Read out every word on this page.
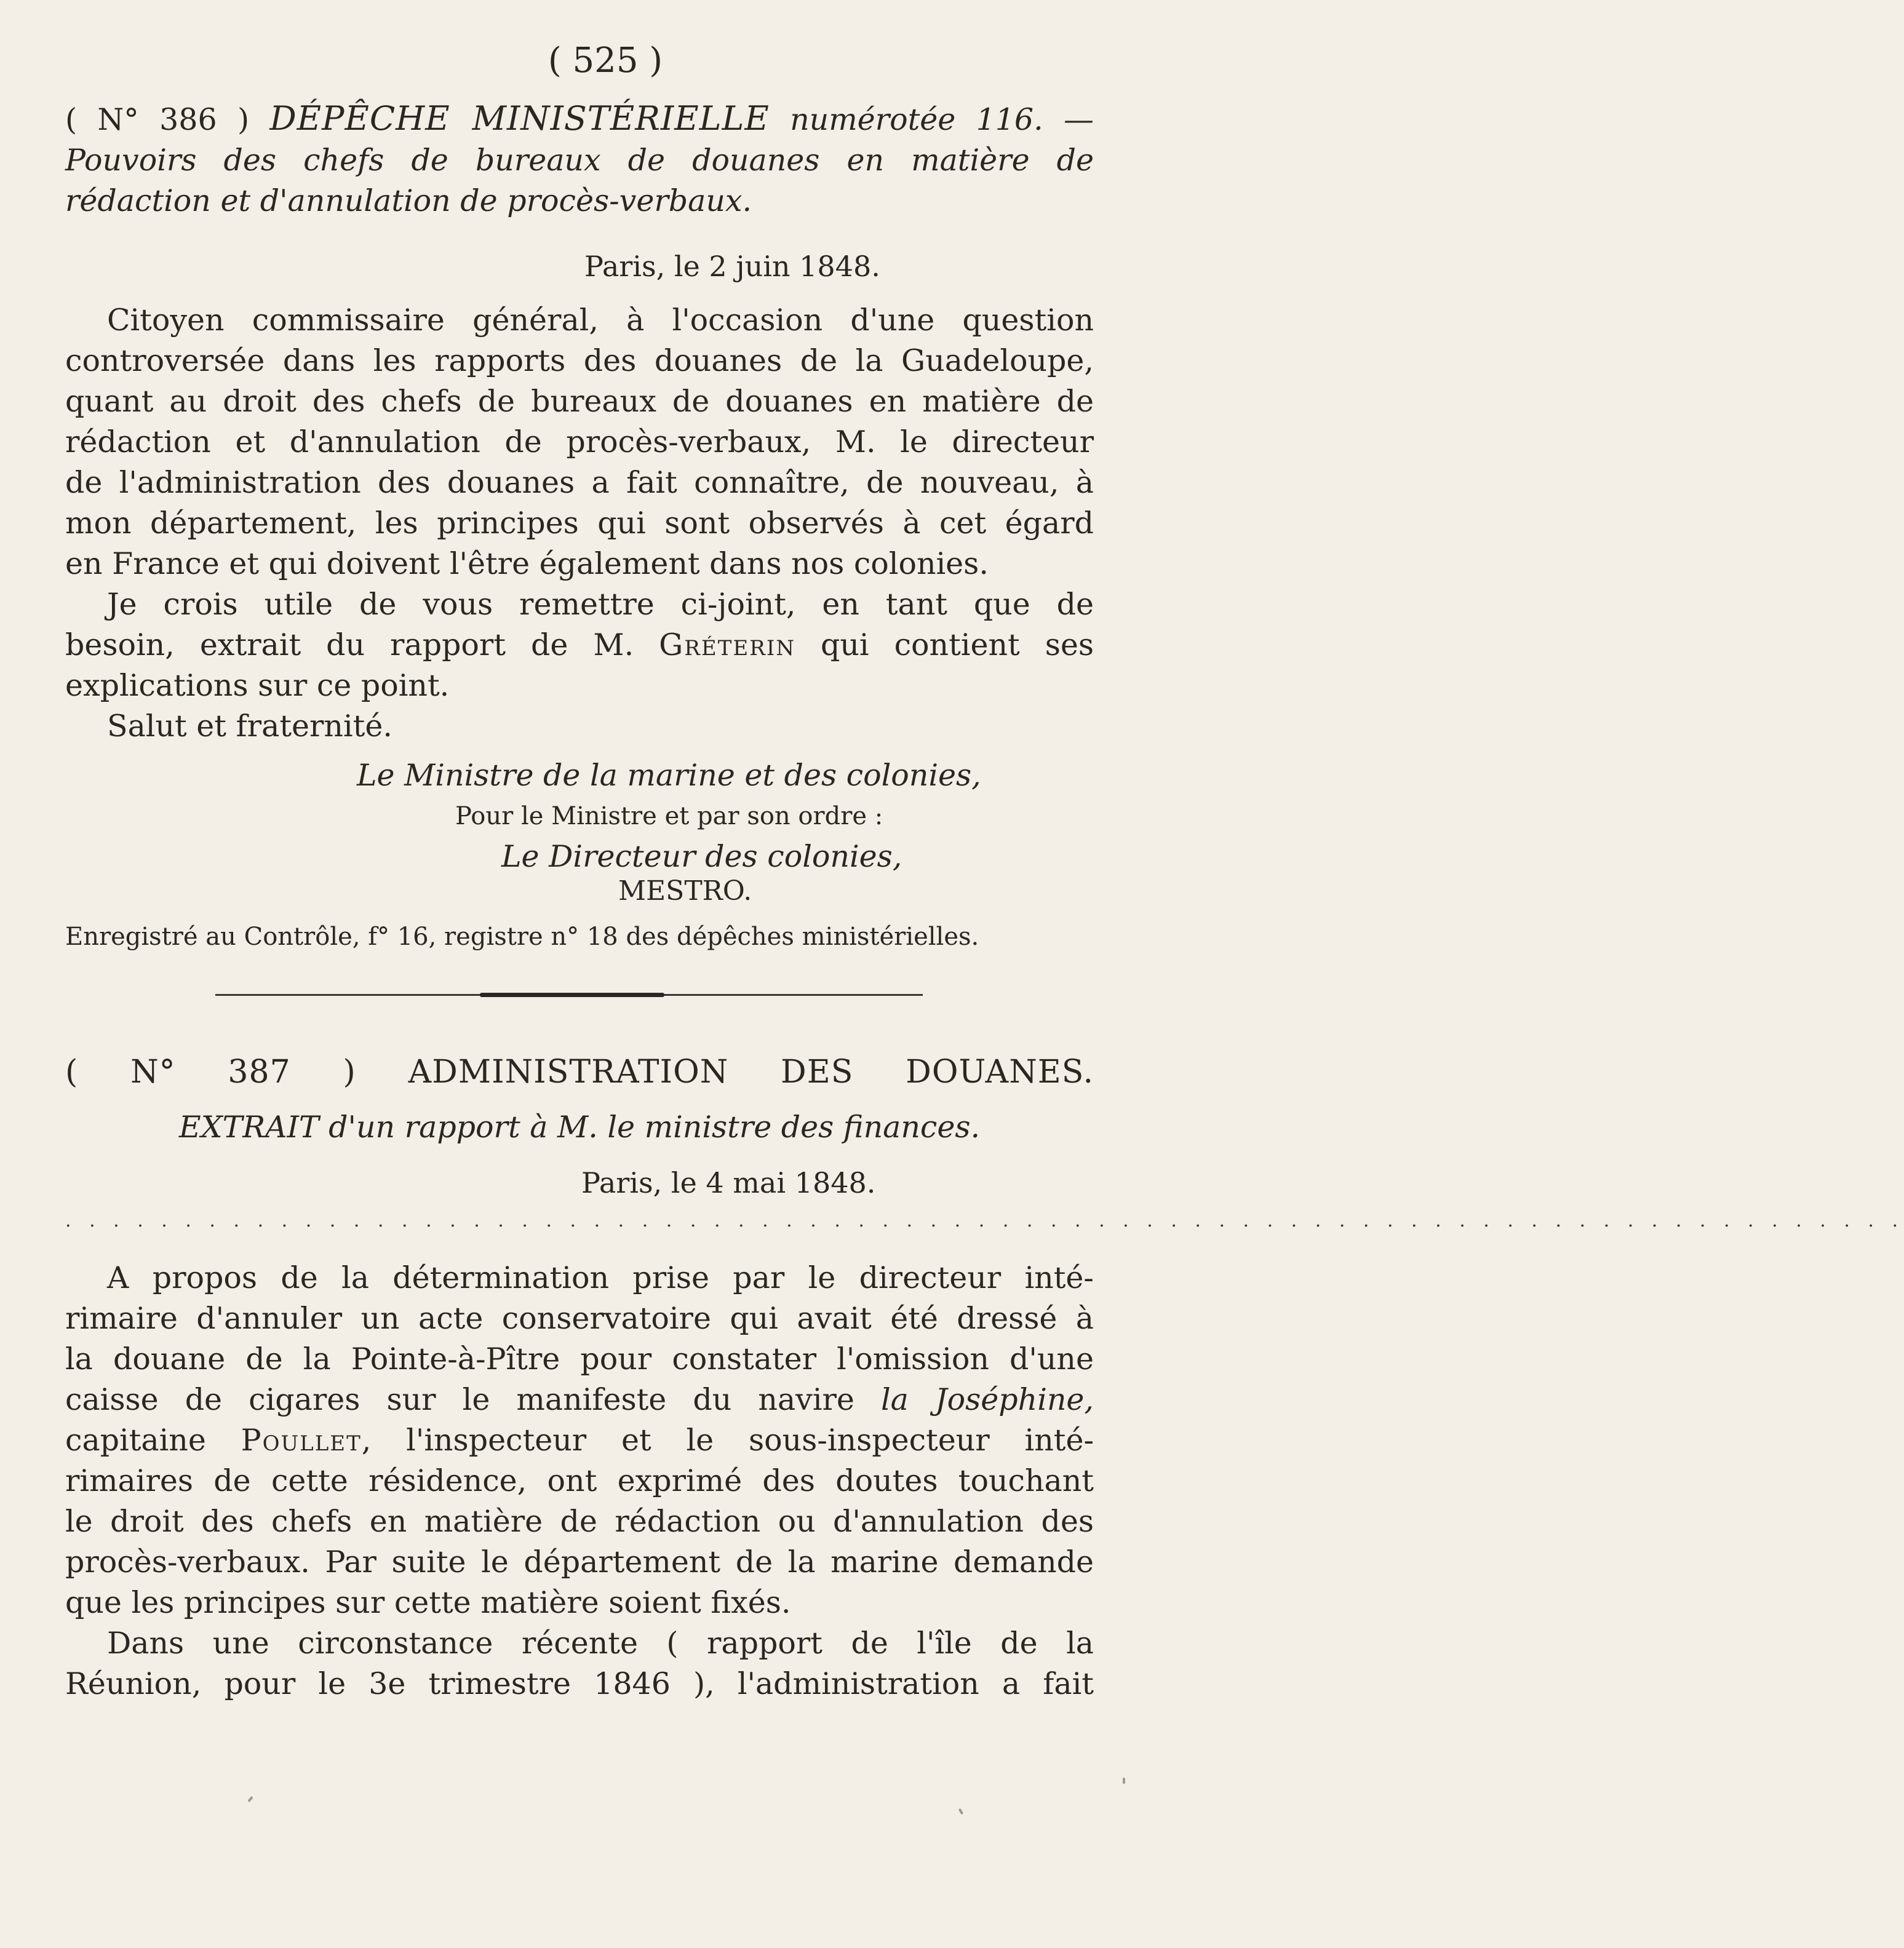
( 525 )
( N° 386 ) DÉPÊCHE MINISTÉRIELLE numérotée 116. —
Pouvoirs des chefs de bureaux de douanes en matière de
rédaction et d'annulation de procès-verbaux.
Paris, le 2 juin 1848.
Citoyen commissaire général, à l'occasion d'une question
controversée dans les rapports des douanes de la Guadeloupe,
quant au droit des chefs de bureaux de douanes en matière de
rédaction et d'annulation de procès-verbaux, M. le directeur
de l'administration des douanes a fait connaître, de nouveau, à
mon département, les principes qui sont observés à cet égard
en France et qui doivent l'être également dans nos colonies.
Je crois utile de vous remettre ci-joint, en tant que de
besoin, extrait du rapport de M. Gréterin qui contient ses
explications sur ce point.
Salut et fraternité.
Le Ministre de la marine et des colonies,
Pour le Ministre et par son ordre :
Le Directeur des colonies,
MESTRO.
Enregistré au Contrôle, f° 16, registre n° 18 des dépêches ministérielles.
( N° 387 ) ADMINISTRATION DES DOUANES.
EXTRAIT d'un rapport à M. le ministre des finances.
Paris, le 4 mai 1848.
. . . . . . . . . . . . . . . . . . . . . . . . . . . . . . . . . . . . . . . . . . . . . . . . . . . . . . . . . . . . . . . . . . . . . . . . . . . . .
A propos de la détermination prise par le directeur inté-
rimaire d'annuler un acte conservatoire qui avait été dressé à
la douane de la Pointe-à-Pître pour constater l'omission d'une
caisse de cigares sur le manifeste du navire la Joséphine,
capitaine Poullet, l'inspecteur et le sous-inspecteur inté-
rimaires de cette résidence, ont exprimé des doutes touchant
le droit des chefs en matière de rédaction ou d'annulation des
procès-verbaux. Par suite le département de la marine demande
que les principes sur cette matière soient fixés.
Dans une circonstance récente ( rapport de l'île de la
Réunion, pour le 3e trimestre 1846 ), l'administration a fait
